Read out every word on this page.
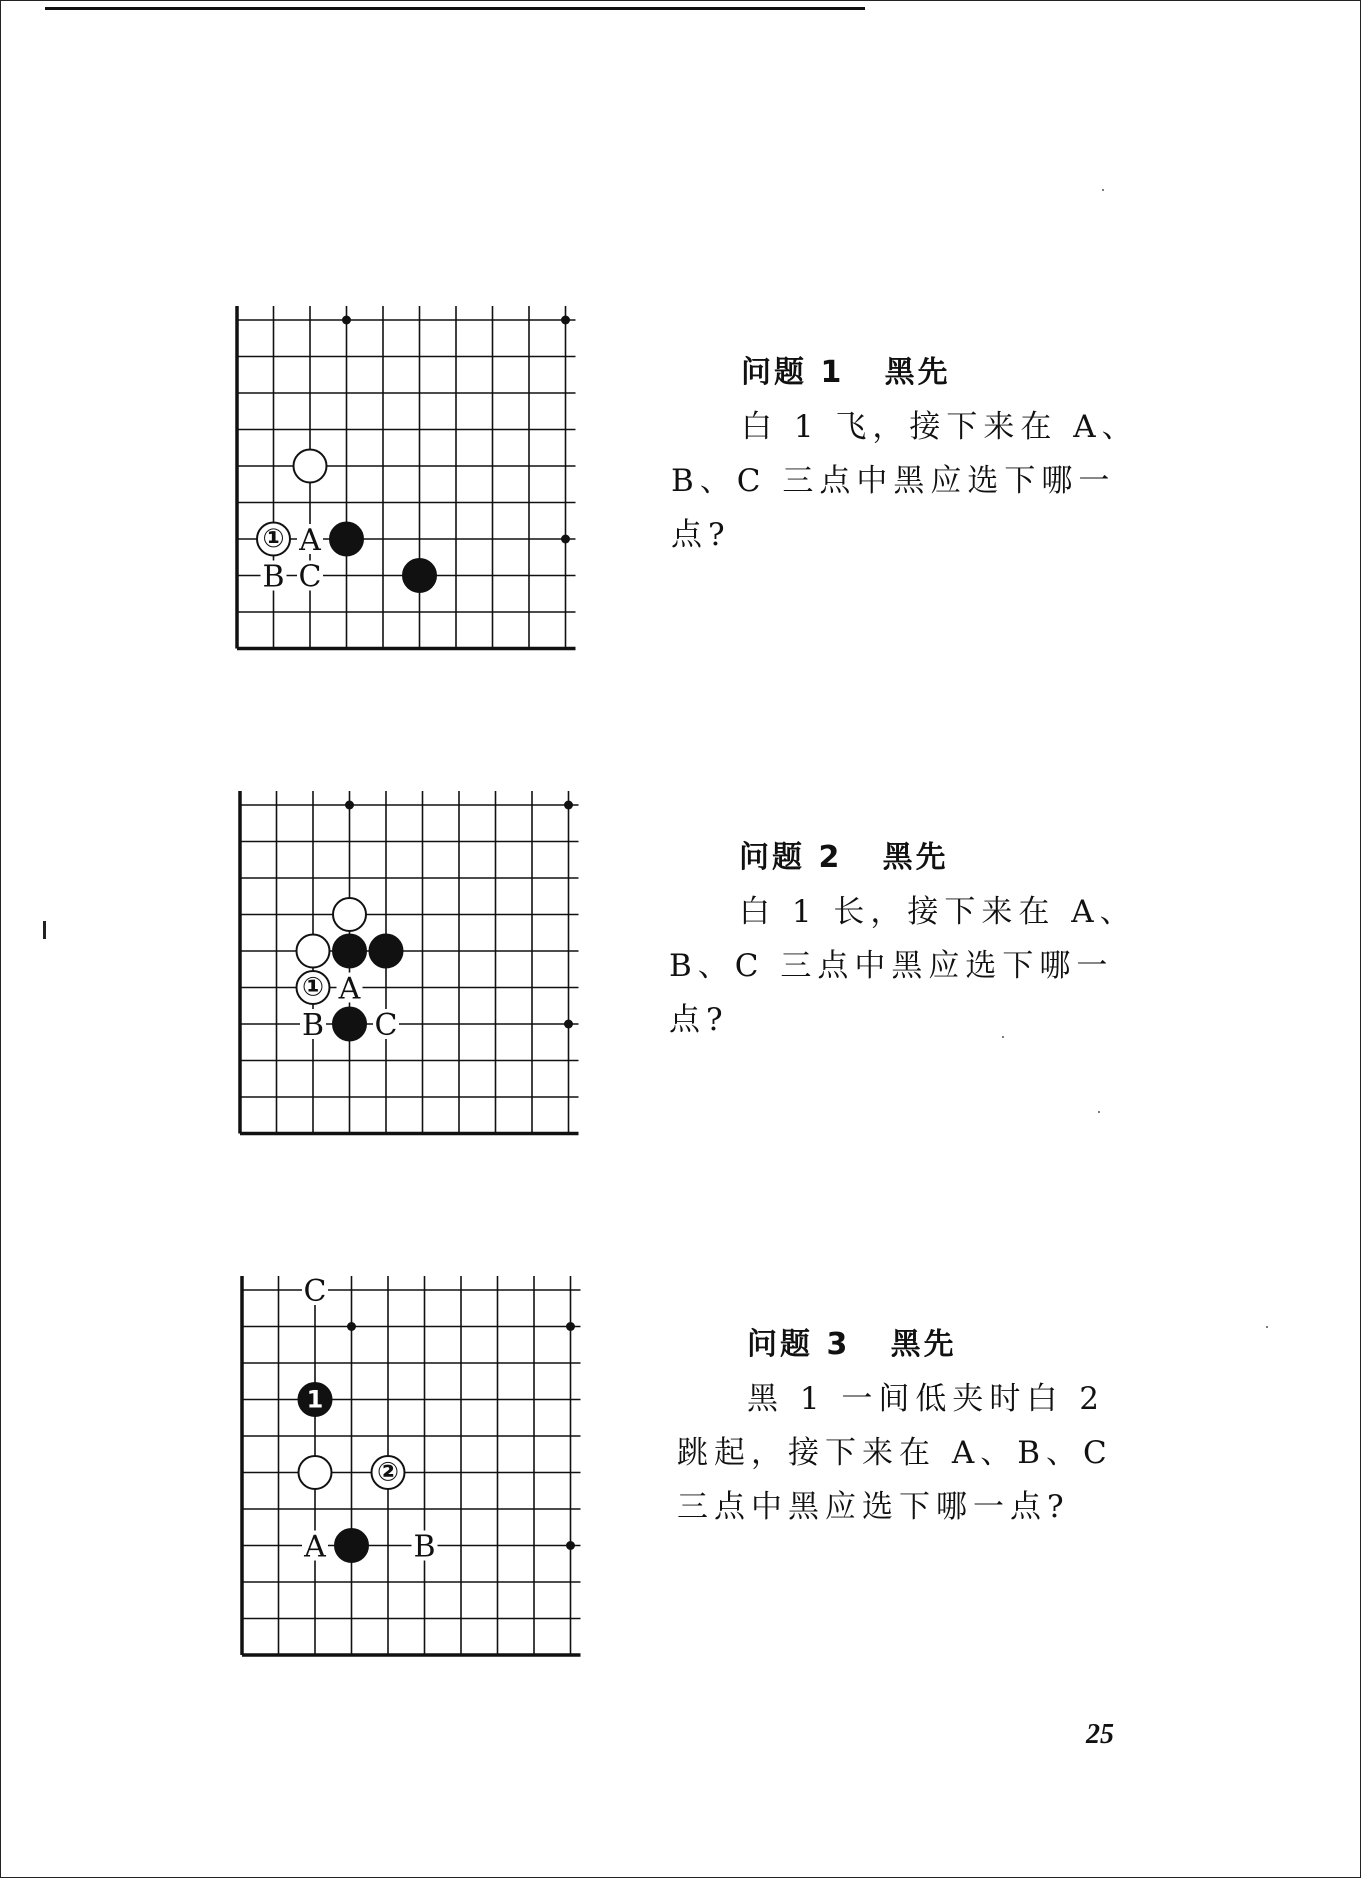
A
B C
①
问题 1   黑先
白 1 飞，接下来在 A、B、C 三点中黑应选下哪一点?
A
B C
①
问题 2   黑先
白 1 长，接下来在 A、B、C 三点中黑应选下哪一点?
C
A	B
1
②
问题 3   黑先
黑 1 一间低夹时白 2 跳起，接下来在 A、B、C 三点中黑应选下哪一点?
25
